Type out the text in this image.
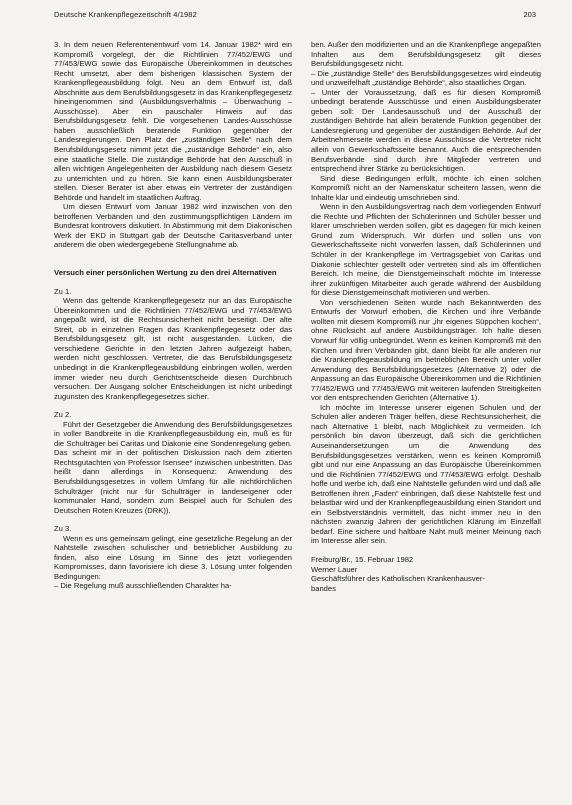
Deutsche Krankenpflegezeitschrift 4/1982	203

3. In dem neuen Referentenentwurf vom 14. Januar 1982* wird ein Kompromiß vorgelegt, der die Richtlinien 77/452/EWG und 77/453/EWG sowie das Europäische Übereinkommen in deutsches Recht umsetzt, aber dem bisherigen klassischen System der Krankenpflegeausbildung folgt. Neu an dem Entwurf ist, daß Abschnitte aus dem Berufsbildungsgesetz in das Krankenpflegegesetz hineingenommen sind (Ausbildungsverhältnis – Überwachung – Ausschüsse). Aber ein pauschaler Hinweis auf das Berufsbildungsgesetz fehlt. Die vorgesehenen Landes-Ausschüsse haben ausschließlich beratende Funktion gegenüber der Landesregierungen. Den Platz der „zuständigen Stelle“ nach dem Berufsbildungsgesetz nimmt jetzt die „zuständige Behörde“ ein, also eine staatliche Stelle. Die zuständige Behörde hat den Ausschuß in allen wichtigen Angelegenheiten der Ausbildung nach diesem Gesetz zu unterrichten und zu hören. Sie kann einen Ausbildungsberater stellen. Dieser Berater ist aber etwas ein Vertreter der zuständigen Behörde und handelt im staatlichen Auftrag.

Um diesen Entwurf vom Januar 1982 wird inzwischen von den betroffenen Verbänden und den zustimmungspflichtigen Ländern im Bundesrat kontrovers diskutiert. In Abstimmung mit dem Diakonischen Werk der EKD in Stuttgart gab der Deutsche Caritasverband unter anderem die oben wiedergegebene Stellungnahme ab.

Versuch einer persönlichen Wertung zu den drei Alternativen

Zu 1.

Wenn das geltende Krankenpflegegesetz nur an das Europäische Übereinkommen und die Richtlinien 77/452/EWG und 77/453/EWG angepaßt wird, ist die Rechtsunsicherheit nicht beseitigt. Der alte Streit, ob in einzelnen Fragen das Krankenpflegegesetz oder das Berufsbildungsgesetz gilt, ist nicht ausgestanden. Lücken, die verschiedene Gerichte in den letzten Jahren aufgezeigt haben, werden nicht geschlossen. Vertreter, die das Berufsbildungsgesetz unbedingt in die Krankenpflegeausbildung einbringen wollen, werden immer wieder neu durch Gerichtsentscheide diesen Durchbruch versuchen. Der Ausgang solcher Entscheidungen ist nicht unbedingt zugunsten des Krankenpflegegesetzes sicher.

Zu 2.

Führt der Gesetzgeber die Anwendung des Berufsbildungsgesetzes in voller Bandbreite in die Krankenpflegeausbildung ein, muß es für die Schulträger bei Caritas und Diakonie eine Sondenregelung geben. Das scheint mir in der politischen Diskussion nach dem zitierten Rechtsgutachten von Professor Isensee* inzwischen unbestritten. Das heißt dann allerdings in Konsequenz: Anwendung des Berufsbildungsgesetzes in vollem Umfang für alle nichtkirchlichen Schulträger (nicht nur für Schulträger in landeseigener oder kommunaler Hand, sondern zum Beispiel auch für Schulen des Deutschen Roten Kreuzes (DRK)).

Zu 3.

Wenn es uns gemeinsam gelingt, eine gesetzliche Regelung an der Nahtstelle zwischen schulischer und betrieblicher Ausbildung zu finden, also eine Lösung im Sinne des jetzt vorliegenden Kompromisses, dann favorisiere ich diese 3. Lösung unter folgenden Bedingungen:

– Die Regelung muß ausschließenden Charakter ha-

ben. Außer den modifizierten und an die Krankenpflege angepaßten Inhalten aus dem Berufsbildungsgesetz gilt dieses Berufsbildungsgesetz nicht.

– Die „zuständige Stelle“ des Berufsbildungsgesetzes wird eindeutig und unzweifelhaft „zuständige Behörde“, also staatliches Organ.

– Unter der Voraussetzung, daß es für diesen Kompromiß unbedingt beratende Ausschüsse und einen Ausbildungsberater geben soll: Der Landesausschuß und der Ausschuß der zuständigen Behörde hat allein beratende Funktion gegenüber der Landesregierung und gegenüber der zuständigen Behörde. Auf der Arbeitnehmerseite werden in diese Ausschüsse die Vertreter nicht allein von Gewerkschaftsseite benannt. Auch die entsprechenden Berufsverbände sind durch ihre Mitglieder vertreten und entsprechend ihrer Stärke zu berücksichtigen.

Sind diese Bedingungen erfüllt, möchte ich einen solchen Kompromiß nicht an der Namenskatur scheitern lassen, wenn die Inhalte klar und eindeutig umschrieben sind.

Wenn in den Ausbildungsvertrag nach dem vorliegenden Entwurf die Rechte und Pflichten der Schülerinnen und Schüler besser und klarer umschrieben werden sollen, gibt es dagegen für mich keinen Grund zum Widerspruch. Wir dürfen und sollen uns von Gewerkschaftsseite nicht vorwerfen lassen, daß Schülerinnen und Schüler in der Krankenpflege im Vertragsgebiet von Caritas und Diakonie schlechter gestellt oder vertreten sind als im öffentlichen Bereich. Ich meine, die Dienstgemeinschaft möchte im Interesse ihrer zukünftigen Mitarbeiter auch gerade während der Ausbildung für diese Dienstgemeinschaft motivieren und werben.

Von verschiedenen Seiten wurde nach Bekanntwerden des Entwurfs der Vorwurf erhoben, die Kirchen und ihre Verbände wollten mit diesem Kompromiß nur „ihr eigenes Süppchen kochen“, ohne Rücksicht auf andere Ausbildungsträger. Ich halte diesen Vorwurf für völlig unbegründet. Wenn es keinen Kompromiß mit den Kirchen und ihren Verbänden gibt, dann bleibt für alle anderen nur die Krankenpflegeausbildung im betrieblichen Bereich unter voller Anwendung des Berufsbildungsgesetzes (Alternative 2) oder die Anpassung an das Europäische Übereinkommen und die Richtlinien 77/452/EWG und 77/453/EWG mit weiteren laufenden Streitigkeiten vor den entsprechenden Gerichten (Alternative 1).

Ich möchte im Interesse unserer eigenen Schulen und der Schulen aller anderen Träger helfen, diese Rechtsunsicherheit, die nach Alternative 1 bleibt, nach Möglichkeit zu vermeiden. Ich persönlich bin davon überzeugt, daß sich die gerichtlichen Auseinandersetzungen um die Anwendung des Berufsbildungsgesetzes verstärken, wenn es keinen Kompromiß gibt und nur eine Anpassung an das Europäische Übereinkommen und die Richtlinien 77/452/EWG und 77/453/EWG erfolgt. Deshalb hoffe und werbe ich, daß eine Nahtstelle gefunden wird und daß alle Betroffenen ihren „Faden“ einbringen, daß diese Nahtstelle fest und belastbar wird und der Krankenpflegeausbildung einen Standort und ein Selbstverständnis vermittelt, das nicht immer neu in den nächsten zwanzig Jahren der gerichtlichen Klärung im Einzelfall bedarf. Eine sichere und haltbare Naht muß meiner Meinung nach im Interesse aller sein.

Freiburg/Br., 15. Februar 1982

Werner Lauer

Geschäftsführer des Katholischen Krankenhausver-

bandes
